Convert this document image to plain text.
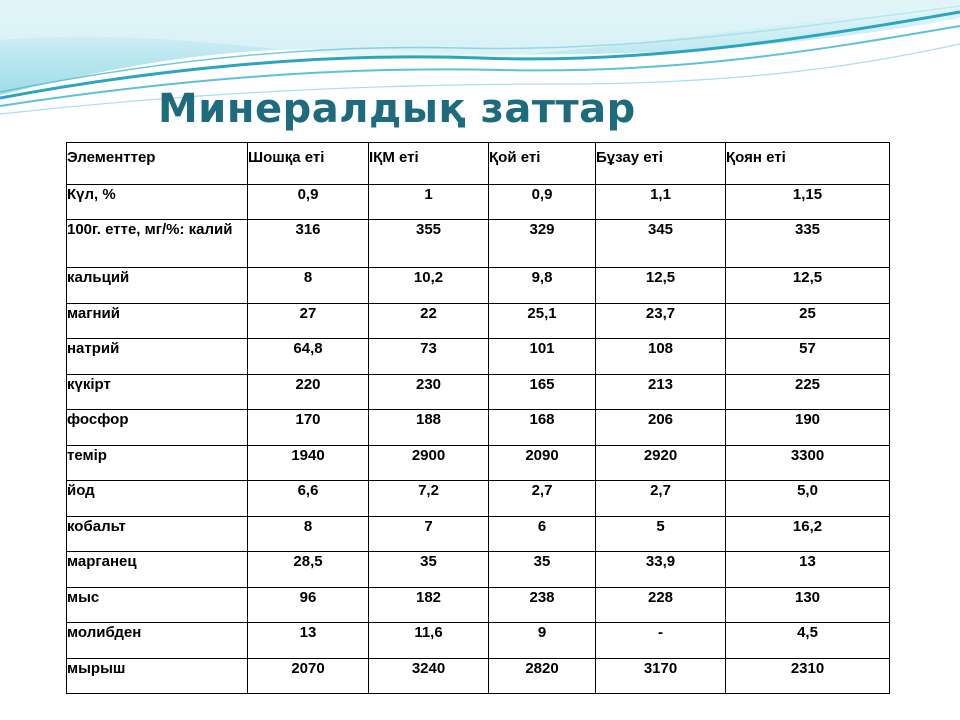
Минералдық заттар
Элементтер	Шошқа еті	ІҚМ еті	Қой еті	Бұзау еті	Қоян еті
Күл, %	0,9	1	0,9	1,1	1,15
100г. етте, мг/%: калий	316	355	329	345	335
кальций	8	10,2	9,8	12,5	12,5
магний	27	22	25,1	23,7	25
натрий	64,8	73	101	108	57
күкірт	220	230	165	213	225
фосфор	170	188	168	206	190
темір	1940	2900	2090	2920	3300
йод	6,6	7,2	2,7	2,7	5,0
кобальт	8	7	6	5	16,2
марганец	28,5	35	35	33,9	13
мыс	96	182	238	228	130
молибден	13	11,6	9	-	4,5
мырыш	2070	3240	2820	3170	2310
